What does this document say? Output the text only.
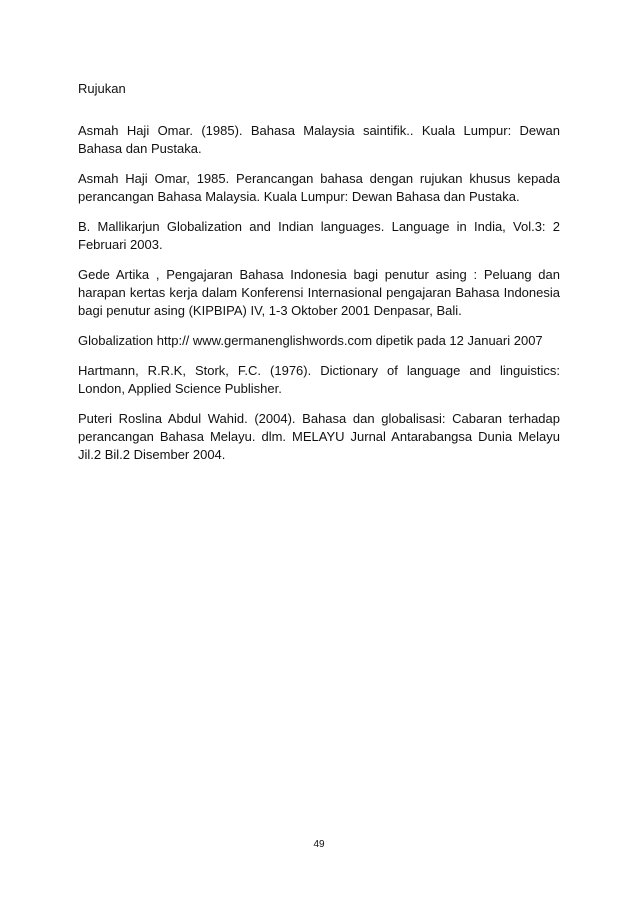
Rujukan
Asmah Haji Omar. (1985). Bahasa Malaysia saintifik.. Kuala Lumpur: Dewan Bahasa dan Pustaka.
Asmah Haji Omar, 1985. Perancangan bahasa dengan rujukan khusus kepada perancangan Bahasa Malaysia. Kuala Lumpur: Dewan Bahasa dan Pustaka.
B. Mallikarjun Globalization and Indian languages. Language in India, Vol.3: 2 Februari 2003.
Gede Artika , Pengajaran Bahasa Indonesia bagi penutur asing : Peluang dan harapan kertas kerja dalam Konferensi Internasional pengajaran Bahasa Indonesia bagi penutur asing (KIPBIPA) IV, 1-3 Oktober 2001 Denpasar, Bali.
Globalization http:// www.germanenglishwords.com dipetik pada 12 Januari 2007
Hartmann, R.R.K, Stork, F.C. (1976). Dictionary of language and linguistics: London, Applied Science Publisher.
Puteri Roslina Abdul Wahid. (2004). Bahasa dan globalisasi: Cabaran terhadap perancangan Bahasa Melayu. dlm. MELAYU Jurnal Antarabangsa Dunia Melayu Jil.2 Bil.2 Disember 2004.
49
